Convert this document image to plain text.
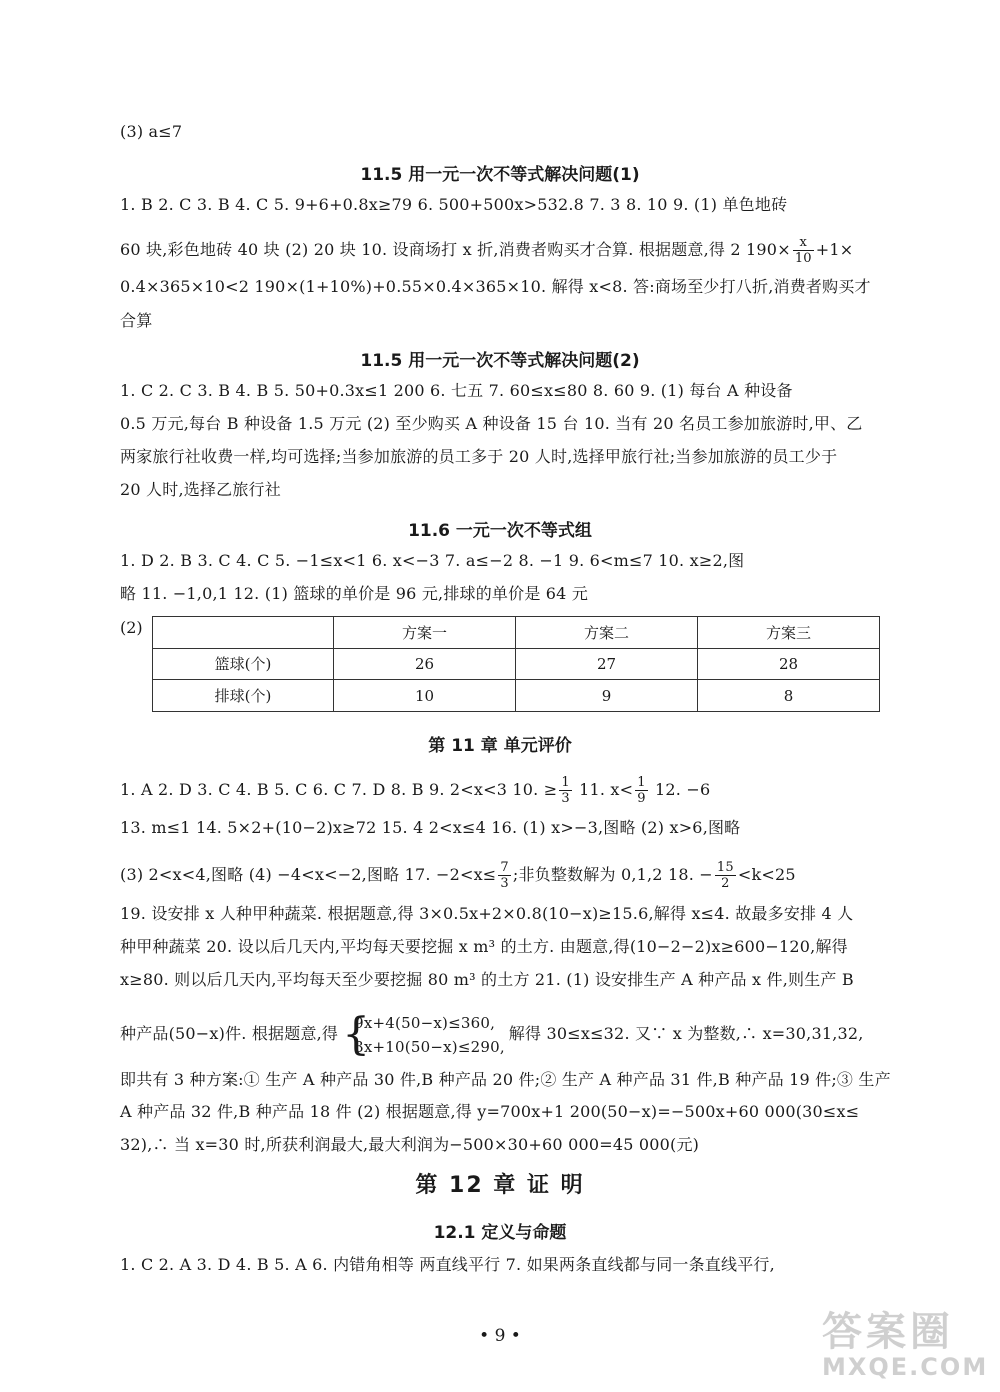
(3) a≤7
11.5 用一元一次不等式解决问题(1)
1. B 2. C 3. B 4. C 5. 9+6+0.8x≥79 6. 500+500x>532.8 7. 3 8. 10 9. (1) 单色地砖
60 块,彩色地砖 40 块 (2) 20 块 10. 设商场打 x 折,消费者购买才合算. 根据题意,得 2 $190\times \frac{x}{10} +1\times$
0.4×365×10<2 190×(1+10%)+0.55×0.4×365×10. 解得 x<8. 答:商场至少打八折,消费者购买才
合算
11.5 用一元一次不等式解决问题(2)
1. C 2. C 3. B 4. B 5. 50+0.3x≤1 200 6. 七五 7. 60≤x≤80 8. 60 9. (1) 每台 A 种设备
0.5 万元,每台 B 种设备 1.5 万元 (2) 至少购买 A 种设备 15 台 10. 当有 20 名员工参加旅游时,甲、乙
两家旅行社收费一样,均可选择;当参加旅游的员工多于 20 人时,选择甲旅行社;当参加旅游的员工少于
20 人时,选择乙旅行社
11.6 一元一次不等式组
1. D 2. B 3. C 4. C 5. −1≤x<1 6. x<−3 7. a≤−2 8. −1 9. 6<m≤7 10. x≥2,图
略 11. −1,0,1 12. (1) 篮球的单价是 96 元,排球的单价是 64 元
(2)
		方案一	方案二	方案三
篮球(个)	26	27	28
排球(个)	10	9	8
第 11 章 单元评价
1. A 2. D 3. C 4. B 5. C 6. C 7. D 8. B 9. 2<x<3 10. ≥ $\frac{1}{3} 11$. $x< \frac{1}{9} 12$. −6
13. m≤1 14. 5×2+(10−2)x≥72 15. 4 2<x≤4 16. (1) x>−3,图略 (2) x>6,图略
(3) 2<x<4,图略 (4) −4<x<−2,图略 17. $-2<x\le \frac{7}{3}$ ;非负整数解为 0,1,2 18. − $\frac{15}{2} <k<25$
19. 设安排 x 人种甲种蔬菜. 根据题意,得 3×0.5x+2×0.8(10−x)≥15.6,解得 x≤4. 故最多安排 4 人
种甲种蔬菜 20. 设以后几天内,平均每天要挖掘 x m³ 的土方. 由题意,得(10−2−2)x≥600−120,解得
x≥80. 则以后几天内,平均每天至少要挖掘 80 m³ 的土方 21. (1) 设安排生产 A 种产品 x 件,则生产 B
种产品(50−x)件. 根据题意,得 {
9x+4(50−x)≤360,
3x+10(50−x)≤290,
解得 30≤x≤32. 又∵ x 为整数,∴ x=30,31,32,
即共有 3 种方案:① 生产 A 种产品 30 件,B 种产品 20 件;② 生产 A 种产品 31 件,B 种产品 19 件;③ 生产
A 种产品 32 件,B 种产品 18 件 (2) 根据题意,得 y=700x+1 200(50−x)=−500x+60 000(30≤x≤
32),∴ 当 x=30 时,所获利润最大,最大利润为−500×30+60 000=45 000(元)
第 12 章 证 明
12.1 定义与命题
1. C 2. A 3. D 4. B 5. A 6. 内错角相等 两直线平行 7. 如果两条直线都与同一条直线平行,
• 9 •	答案圈
MXQE.COM
